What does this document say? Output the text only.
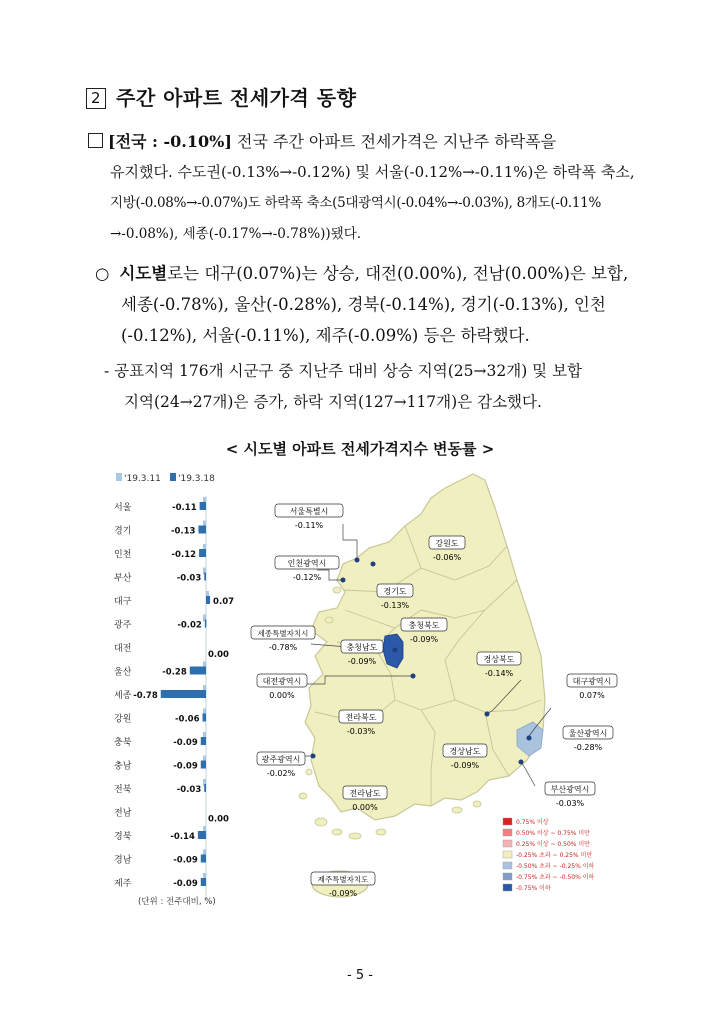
2 주간 아파트 전세가격 동향
[전국 : -0.10%] 전국 주간 아파트 전세가격은 지난주 하락폭을
유지했다. 수도권(-0.13%→-0.12%) 및 서울(-0.12%→-0.11%)은 하락폭 축소,
지방(-0.08%→-0.07%)도 하락폭 축소(5대광역시(-0.04%→-0.03%), 8개도(-0.11%
→-0.08%), 세종(-0.17%→-0.78%))됐다.
○ 시도별로는 대구(0.07%)는 상승, 대전(0.00%), 전남(0.00%)은 보합,
세종(-0.78%), 울산(-0.28%), 경북(-0.14%), 경기(-0.13%), 인천
(-0.12%), 서울(-0.11%), 제주(-0.09%) 등은 하락했다.
- 공표지역 176개 시군구 중 지난주 대비 상승 지역(25→32개) 및 보합
지역(24→27개)은 증가, 하락 지역(127→117개)은 감소했다.
< 시도별 아파트 전세가격지수 변동률 >
'19.3.11 '19.3.18
서울	-0.11
경기	-0.13
인천	-0.12
부산	-0.03
대구	0.07
광주	-0.02
대전
0.00
울산	-0.28
세종 -0.78
강원	-0.06
충북	-0.09
충남	-0.09
전북	-0.03
전남
0.00
경북	-0.14
경남	-0.09
제주	-0.09
(단위 : 전주대비, %)
서울특별시
-0.11%
강원도
-0.06%
인천광역시
-0.12%
경기도
-0.13%
세종특별자치시
-0.78%
충청북도
-0.09%
충청남도
-0.09%	경상북도
-0.14%
대전광역시
0.00%
대구광역시
0.07%
전라북도
-0.03%	울산광역시
-0.28%
광주광역시
-0.02%
경상남도
-0.09%
부산광역시
-0.03%
전라남도
0.00%
제주특별자치도
-0.09%
0.75% 이상
0.50% 이상 ~ 0.75% 미만
0.25% 이상 ~ 0.50% 미만
-0.25% 초과 ~ 0.25% 미만
-0.50% 초과 ~ -0.25% 이하
-0.75% 초과 ~ -0.50% 이하
-0.75% 이하
- 5 -
